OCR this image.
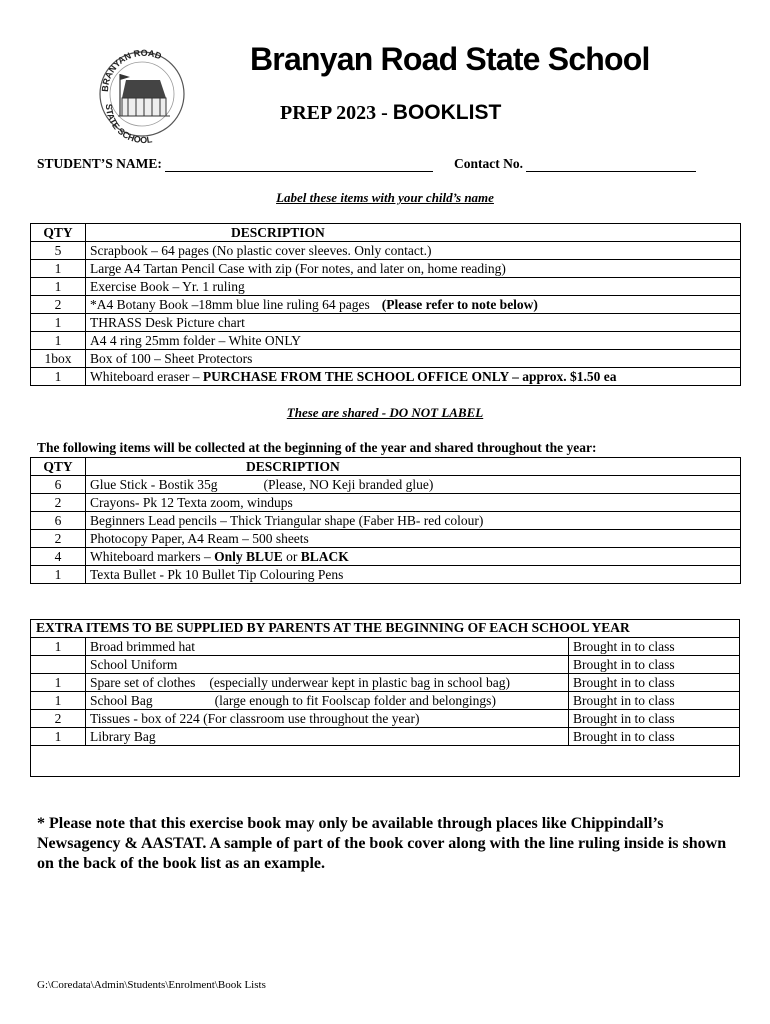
BRANYAN ROAD
STATE SCHOOL
Branyan Road State School
PREP 2023 - BOOKLIST
STUDENT’S NAME:	Contact No.
Label these items with your child’s name
QTY	DESCRIPTION
5	Scrapbook – 64 pages (No plastic cover sleeves. Only contact.)
1	Large A4 Tartan Pencil Case with zip (For notes, and later on, home reading)
1	Exercise Book – Yr. 1 ruling
2	*A4 Botany Book –18mm blue line ruling 64 pages (Please refer to note below)
1	THRASS Desk Picture chart
1	A4 4 ring 25mm folder – White ONLY
1box	Box of 100 – Sheet Protectors
1	Whiteboard eraser – PURCHASE FROM THE SCHOOL OFFICE ONLY – approx. $1.50 ea
These are shared - DO NOT LABEL
The following items will be collected at the beginning of the year and shared throughout the year:
QTY	DESCRIPTION
6	Glue Stick - Bostik 35g (Please, NO Keji branded glue)
2	Crayons- Pk 12 Texta zoom, windups
6	Beginners Lead pencils – Thick Triangular shape (Faber HB- red colour)
2	Photocopy Paper, A4 Ream – 500 sheets
4	Whiteboard markers – Only BLUE or BLACK
1	Texta Bullet - Pk 10 Bullet Tip Colouring Pens
EXTRA ITEMS TO BE SUPPLIED BY PARENTS AT THE BEGINNING OF EACH SCHOOL YEAR
1	Broad brimmed hat	Brought in to class
	School Uniform	Brought in to class
1	Spare set of clothes (especially underwear kept in plastic bag in school bag)	Brought in to class
1	School Bag (large enough to fit Foolscap folder and belongings)	Brought in to class
2	Tissues - box of 224 (For classroom use throughout the year)	Brought in to class
1	Library Bag	Brought in to class
* Please note that this exercise book may only be available through places like Chippindall’s Newsagency & AASTAT. A sample of part of the book cover along with the line ruling inside is shown on the back of the book list as an example.
G:\Coredata\Admin\Students\Enrolment\Book Lists
